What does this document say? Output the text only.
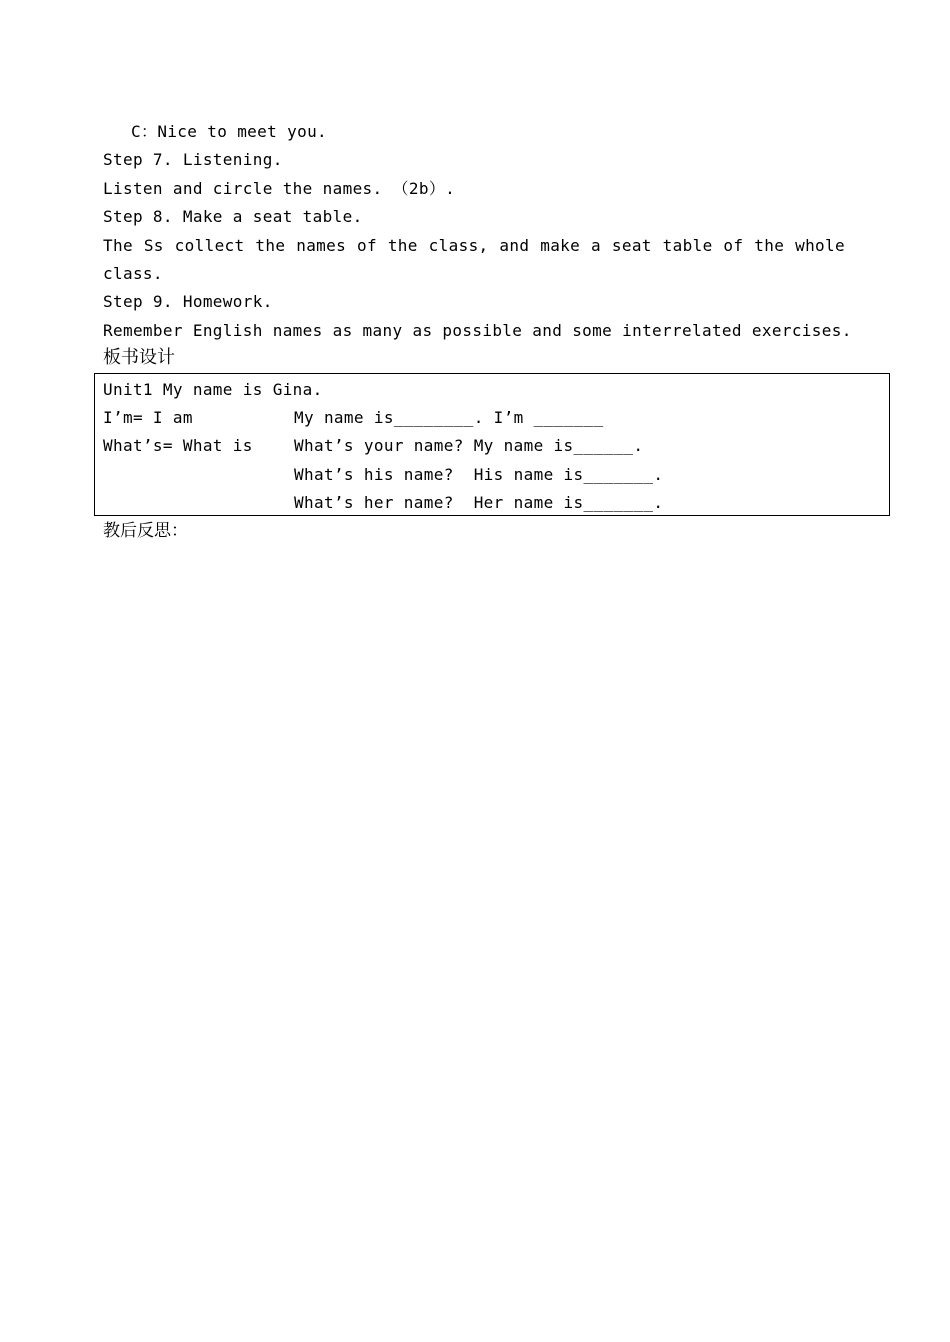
C：Nice to meet you.
Step 7. Listening.
Listen and circle the names. （2b）.
Step 8. Make a seat table.
The Ss collect the names of the class, and make a seat table of the whole
class.
Step 9. Homework.
Remember English names as many as possible and some interrelated exercises.
板书设计
Unit1 My name is Gina.
I’m= I am	My name is________. I’m _______
What’s= What is	What’s your name? My name is______.
What’s his name?  His name is_______.
What’s her name?  Her name is_______.
教后反思：
